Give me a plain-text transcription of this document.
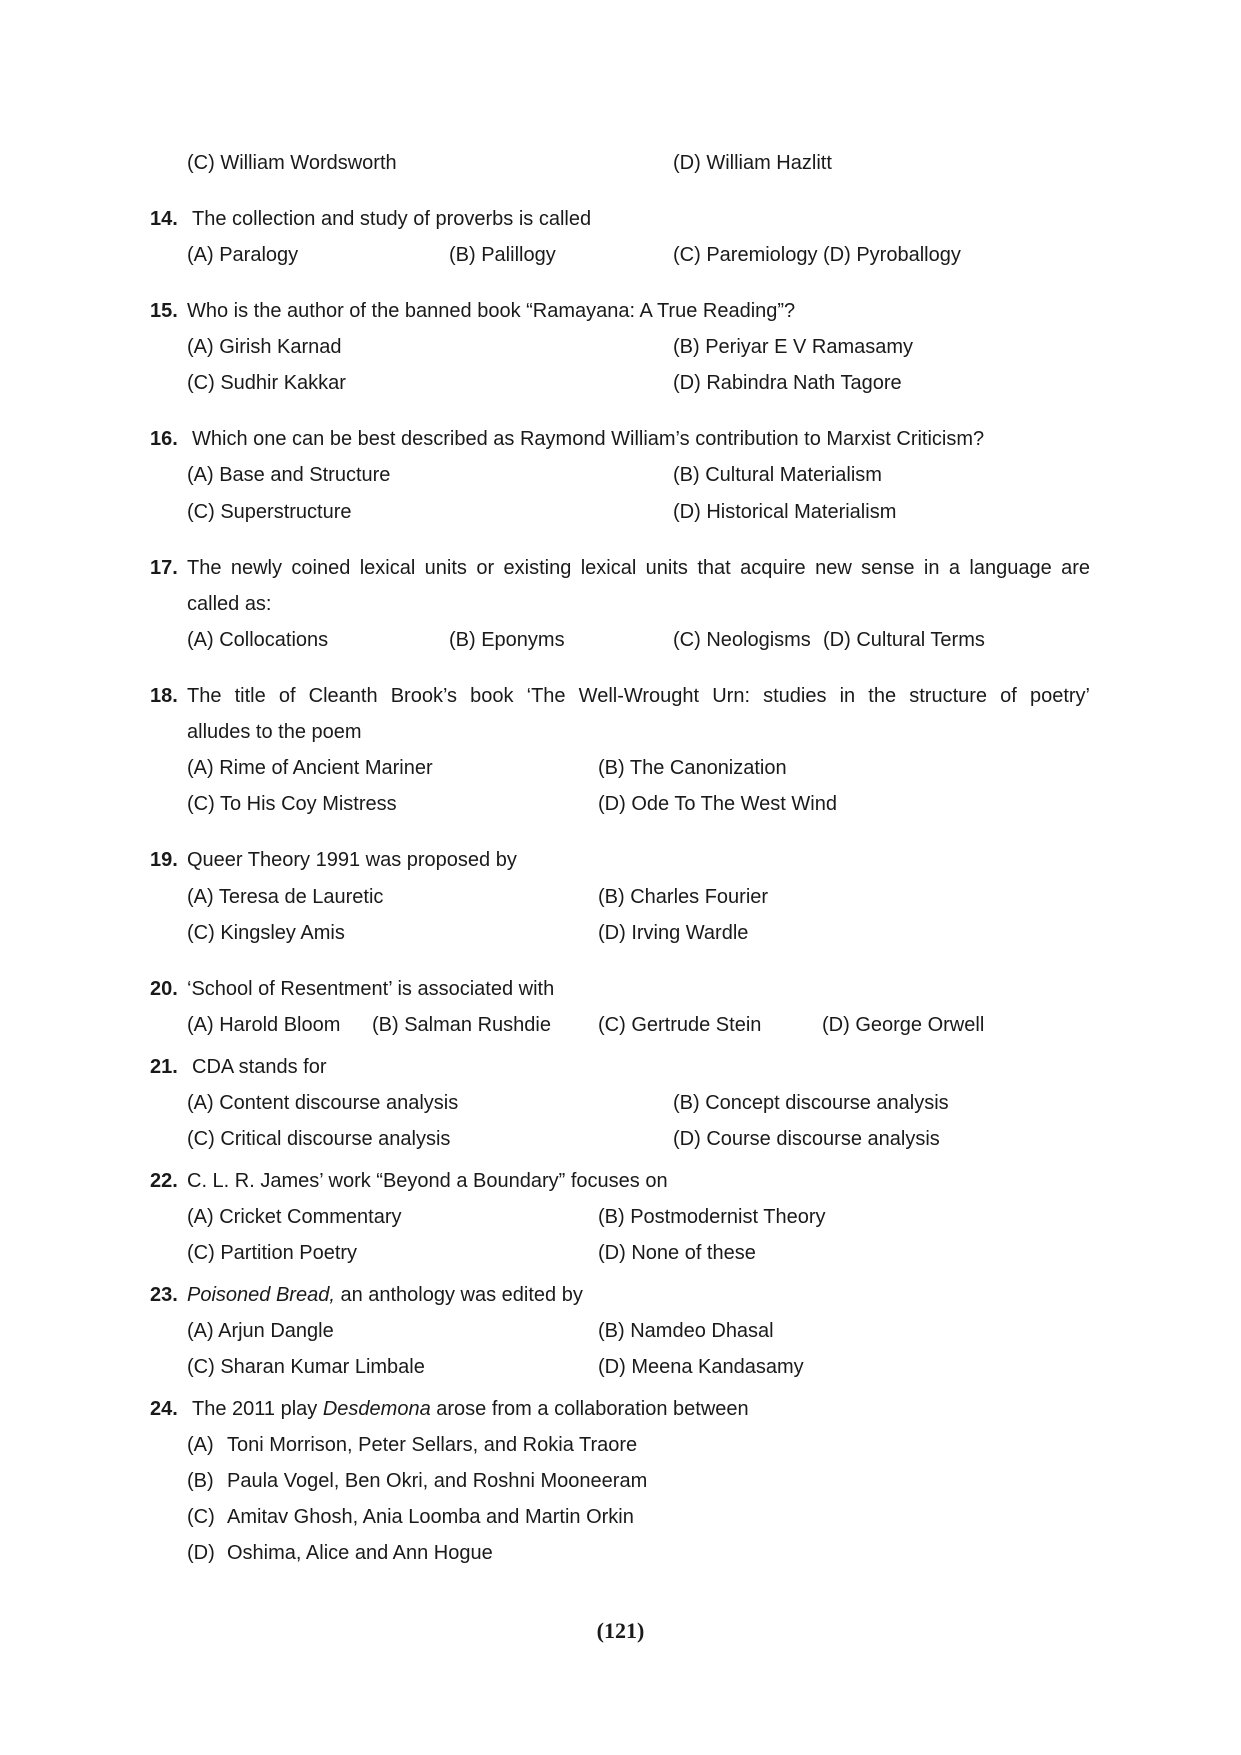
(C) William Wordsworth	(D) William Hazlitt
14. The collection and study of proverbs is called
(A) Paralogy	(B) Palillogy	(C) Paremiology (D) Pyroballogy
15. Who is the author of the banned book “Ramayana: A True Reading”?
(A) Girish Karnad	(B) Periyar E V Ramasamy
(C) Sudhir Kakkar	(D) Rabindra Nath Tagore
16. Which one can be best described as Raymond William’s contribution to Marxist Criticism?
(A) Base and Structure	(B) Cultural Materialism
(C) Superstructure	(D) Historical Materialism
17. The newly coined lexical units or existing lexical units that acquire new sense in a language are
called as:
(A) Collocations	(B) Eponyms	(C) Neologisms (D) Cultural Terms
18. The title of Cleanth Brook’s book ‘The Well-Wrought Urn: studies in the structure of poetry’
alludes to the poem
(A) Rime of Ancient Mariner	(B) The Canonization
(C) To His Coy Mistress	(D) Ode To The West Wind
19. Queer Theory 1991 was proposed by
(A) Teresa de Lauretic	(B) Charles Fourier
(C) Kingsley Amis	(D) Irving Wardle
20. ‘School of Resentment’ is associated with
(A) Harold Bloom (B) Salman Rushdie (C) Gertrude Stein	(D) George Orwell
21. CDA stands for
(A) Content discourse analysis	(B) Concept discourse analysis
(C) Critical discourse analysis	(D) Course discourse analysis
22. C. L. R. James’ work “Beyond a Boundary” focuses on
(A) Cricket Commentary	(B) Postmodernist Theory
(C) Partition Poetry	(D) None of these
23. Poisoned Bread, an anthology was edited by
(A) Arjun Dangle	(B) Namdeo Dhasal
(C) Sharan Kumar Limbale	(D) Meena Kandasamy
24. The 2011 play Desdemona arose from a collaboration between
(A) Toni Morrison, Peter Sellars, and Rokia Traore
(B) Paula Vogel, Ben Okri, and Roshni Mooneeram
(C) Amitav Ghosh, Ania Loomba and Martin Orkin
(D) Oshima, Alice and Ann Hogue
(121)
